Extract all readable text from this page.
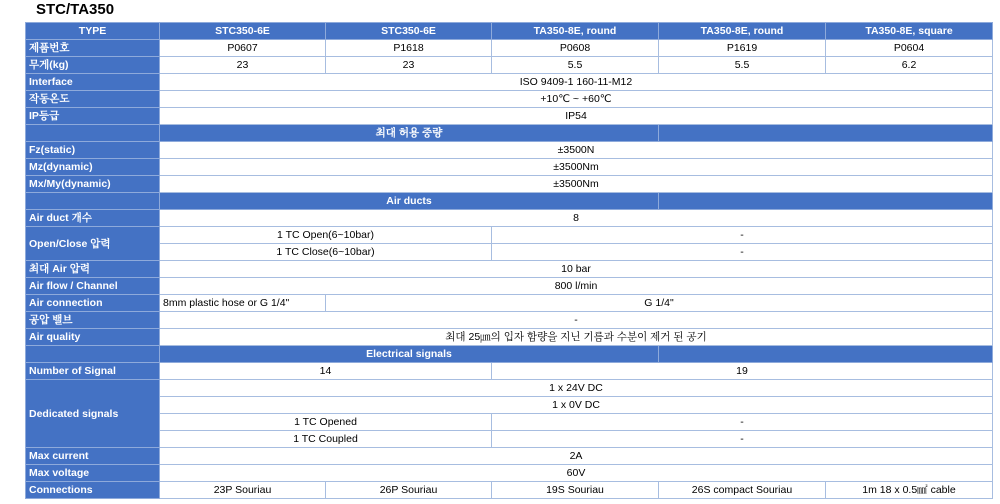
STC/TA350
TYPE	STC350-6E	STC350-6E	TA350-8E, round	TA350-8E, round	TA350-8E, square
제품번호	P0607	P1618	P0608	P1619	P0604
무게(kg)	23	23	5.5	5.5	6.2
Interface	ISO 9409-1 160-11-M12				
작동온도	+10℃ ~ +60℃				
IP등급	IP54				
	최대 허용 중량				
Fz(static)	±3500N				
Mz(dynamic)	±3500Nm				
Mx/My(dynamic)	±3500Nm				
	Air ducts				
Air duct 개수	8				
Open/Close 압력	1 TC Open(6~10bar)		-		
	1 TC Close(6~10bar)		-		
최대 Air 압력	10 bar				
Air flow / Channel	800 l/min				
Air connection	8mm plastic hose or G 1/4"	G 1/4"			
공압 밸브	-				
Air quality	최대 25㎛의 입자 함량을 지닌 기름과 수분이 제거 된 공기				
	Electrical signals				
Number of Signal	14		19		
Dedicated signals	1 x 24V DC				
	1 x 0V DC				
	1 TC Opened		-		
	1 TC Coupled		-		
Max current	2A				
Max voltage	60V				
Connections	23P Souriau	26P Souriau	19S Souriau	26S compact Souriau	1m 18 x 0.5㎟ cable
